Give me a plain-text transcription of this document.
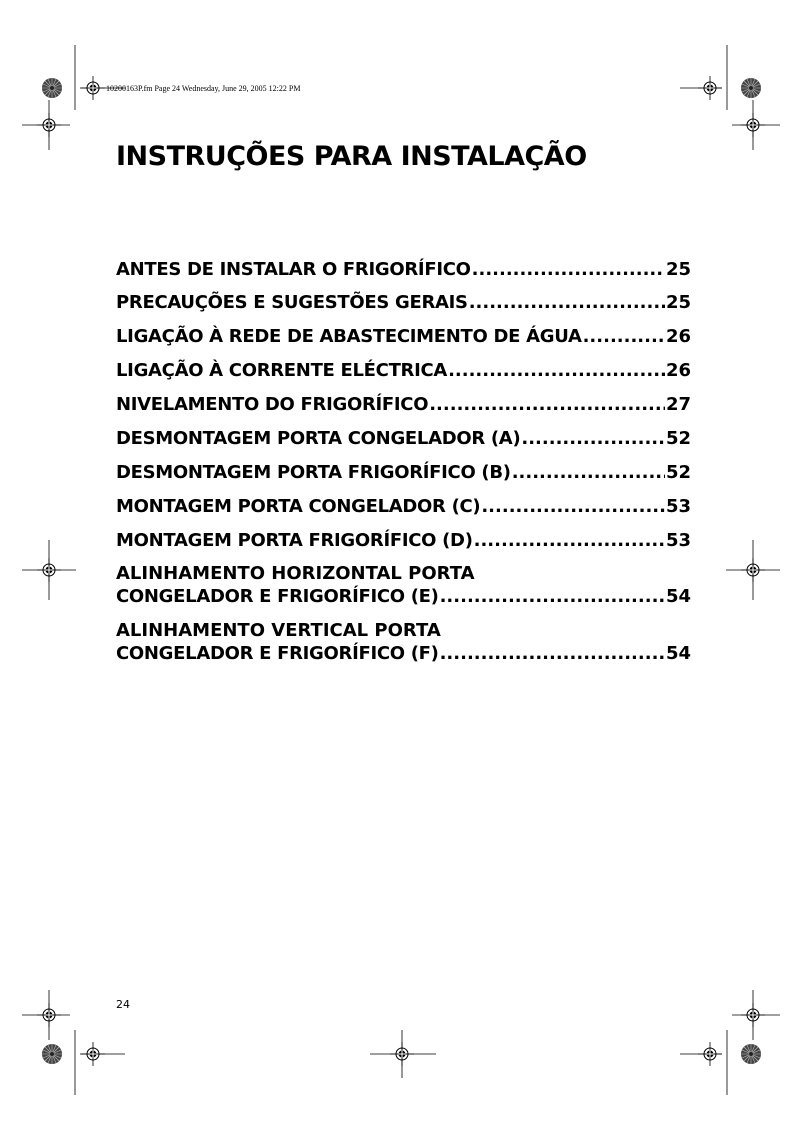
10200163P.fm Page 24 Wednesday, June 29, 2005 12:22 PM
INSTRUÇÕES PARA INSTALAÇÃO
ANTES DE INSTALAR O FRIGORÍFICO .....	25
PRECAUÇÕES E SUGESTÕES GERAIS .....	25
LIGAÇÃO À REDE DE ABASTECIMENTO DE ÁGUA .....	26
LIGAÇÃO À CORRENTE ELÉCTRICA .....	26
NIVELAMENTO DO FRIGORÍFICO .....	27
DESMONTAGEM PORTA CONGELADOR (A) .....	52
DESMONTAGEM PORTA FRIGORÍFICO (B) .....	52
MONTAGEM PORTA CONGELADOR (C) .....	53
MONTAGEM PORTA FRIGORÍFICO (D) .....	53
ALINHAMENTO HORIZONTAL PORTA
CONGELADOR E FRIGORÍFICO (E) .....	54
ALINHAMENTO VERTICAL PORTA
CONGELADOR E FRIGORÍFICO (F) .....	54
24
